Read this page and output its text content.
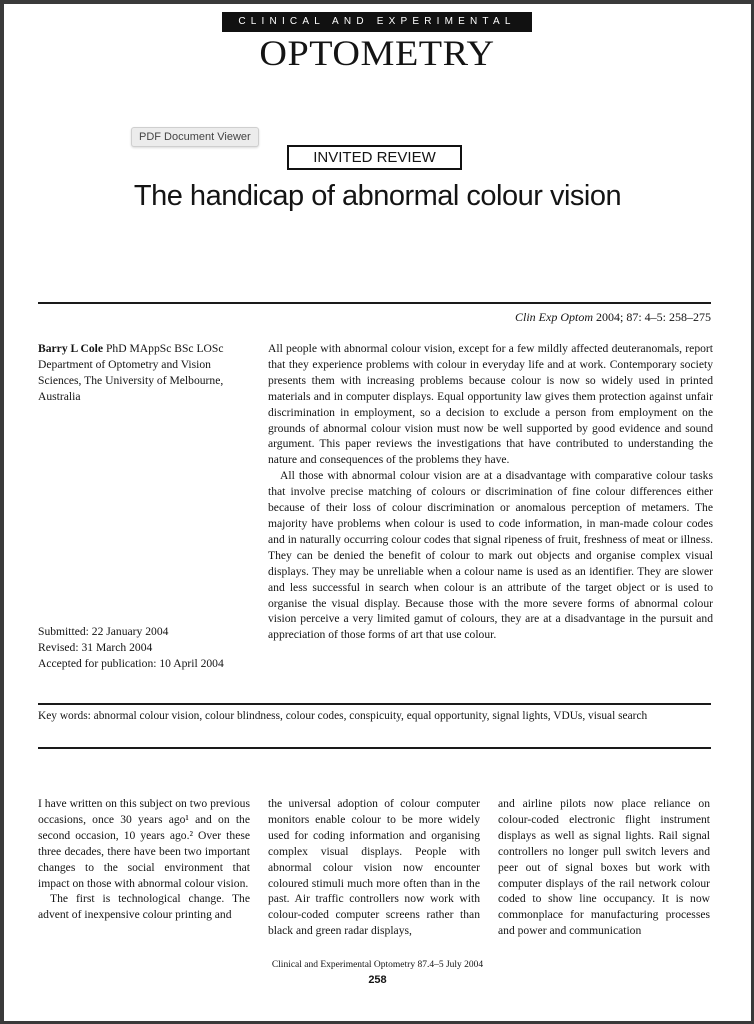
CLINICAL AND EXPERIMENTAL
OPTOMETRY
PDF Document Viewer
INVITED REVIEW
The handicap of abnormal colour vision
Clin Exp Optom 2004; 87: 4–5: 258–275
Barry L Cole PhD MAppSc BSc LOSc
Department of Optometry and Vision Sciences, The University of Melbourne, Australia
Submitted: 22 January 2004
Revised: 31 March 2004
Accepted for publication: 10 April 2004

All people with abnormal colour vision, except for a few mildly affected deuteranomals, report that they experience problems with colour in everyday life and at work. Contemporary society presents them with increasing problems because colour is now so widely used in printed materials and in computer displays. Equal opportunity law gives them protection against unfair discrimination in employment, so a decision to exclude a person from employment on the grounds of abnormal colour vision must now be well supported by good evidence and sound argument. This paper reviews the investigations that have contributed to understanding the nature and consequences of the problems they have.

All those with abnormal colour vision are at a disadvantage with comparative colour tasks that involve precise matching of colours or discrimination of fine colour differences either because of their loss of colour discrimination or anomalous perception of metamers. The majority have problems when colour is used to code information, in man-made colour codes and in naturally occurring colour codes that signal ripeness of fruit, freshness of meat or illness. They can be denied the benefit of colour to mark out objects and organise complex visual displays. They may be unreliable when a colour name is used as an identifier. They are slower and less successful in search when colour is an attribute of the target object or is used to organise the visual display. Because those with the more severe forms of abnormal colour vision perceive a very limited gamut of colours, they are at a disadvantage in the pursuit and appreciation of those forms of art that use colour.

Key words: abnormal colour vision, colour blindness, colour codes, conspicuity, equal opportunity, signal lights, VDUs, visual search

I have written on this subject on two previous occasions, once 30 years ago¹ and on the second occasion, 10 years ago.² Over these three decades, there have been two important changes to the social environment that impact on those with abnormal colour vision.

The first is technological change. The advent of inexpensive colour printing and

the universal adoption of colour computer monitors enable colour to be more widely used for coding information and organising complex visual displays. People with abnormal colour vision now encounter coloured stimuli much more often than in the past. Air traffic controllers now work with colour-coded computer screens rather than black and green radar displays,

and airline pilots now place reliance on colour-coded electronic flight instrument displays as well as signal lights. Rail signal controllers no longer pull switch levers and peer out of signal boxes but work with computer displays of the rail network colour coded to show line occupancy. It is now commonplace for manufacturing processes and power and communication

Clinical and Experimental Optometry 87.4–5 July 2004
258
